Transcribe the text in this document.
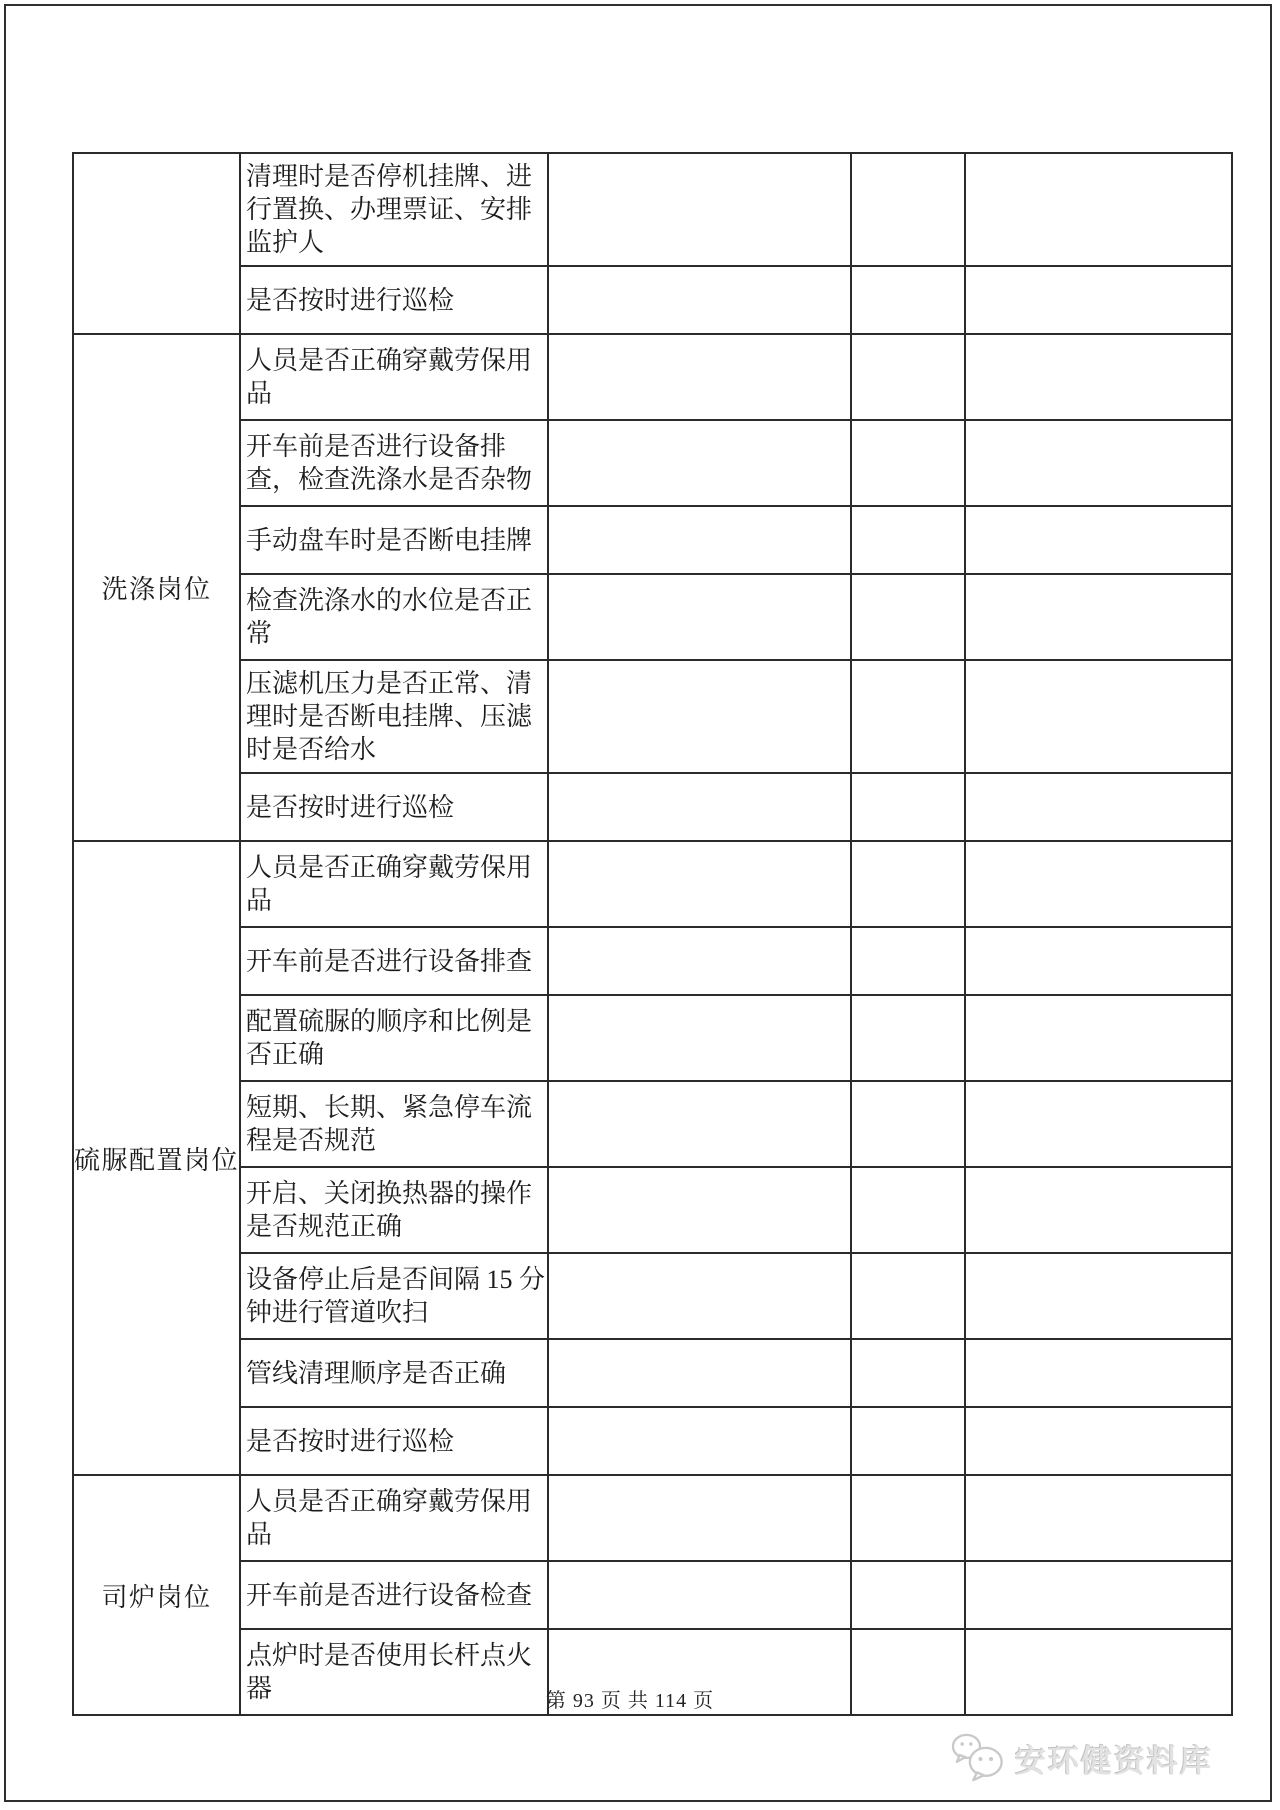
清理时是否停机挂牌、进行置换、办理票证、安排监护人
是否按时进行巡检
洗涤岗位
人员是否正确穿戴劳保用品
开车前是否进行设备排查，检查洗涤水是否杂物
手动盘车时是否断电挂牌
检查洗涤水的水位是否正常
压滤机压力是否正常、清理时是否断电挂牌、压滤时是否给水
是否按时进行巡检
硫脲配置岗位
人员是否正确穿戴劳保用品
开车前是否进行设备排查
配置硫脲的顺序和比例是否正确
短期、长期、紧急停车流程是否规范
开启、关闭换热器的操作是否规范正确
设备停止后是否间隔 15 分钟进行管道吹扫
管线清理顺序是否正确
是否按时进行巡检
司炉岗位
人员是否正确穿戴劳保用品
开车前是否进行设备检查
点炉时是否使用长杆点火器	第 93 页 共 114 页
安环健资料库
